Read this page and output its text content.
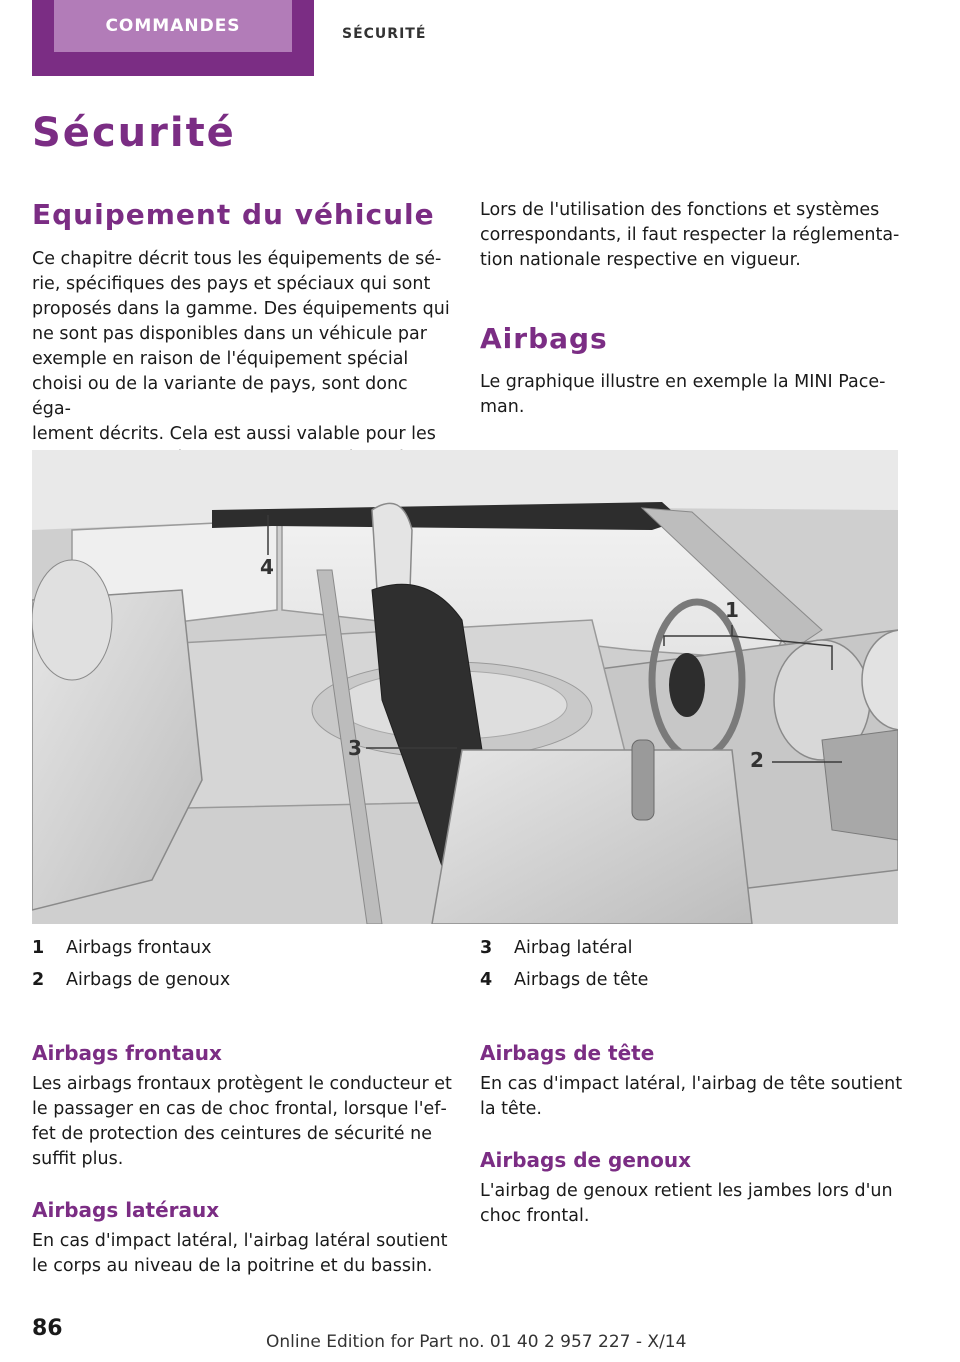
COMMANDES	SÉCURITÉ
Sécurité
Equipement du véhicule
Ce chapitre décrit tous les équipements de sé‐
rie, spécifiques des pays et spéciaux qui sont
proposés dans la gamme. Des équipements qui
ne sont pas disponibles dans un véhicule par
exemple en raison de l'équipement spécial
choisi ou de la variante de pays, sont donc éga‐
lement décrits. Cela est aussi valable pour les
Lors de l'utilisation des fonctions et systèmes
correspondants, il faut respecter la réglementa‐
tion nationale respective en vigueur.
Airbags
Le graphique illustre en exemple la MINI Pace‐
man.
1
2
3
4
1 Airbags frontaux
2 Airbags de genoux
3 Airbag latéral
4 Airbags de tête
Airbags frontaux
Les airbags frontaux protègent le conducteur et
le passager en cas de choc frontal, lorsque l'ef‐
fet de protection des ceintures de sécurité ne
suffit plus.
Airbags latéraux
En cas d'impact latéral, l'airbag latéral soutient
le corps au niveau de la poitrine et du bassin.
Airbags de tête
En cas d'impact latéral, l'airbag de tête soutient
la tête.
Airbags de genoux
L'airbag de genoux retient les jambes lors d'un
choc frontal.
86
Online Edition for Part no. 01 40 2 957 227 - X/14
